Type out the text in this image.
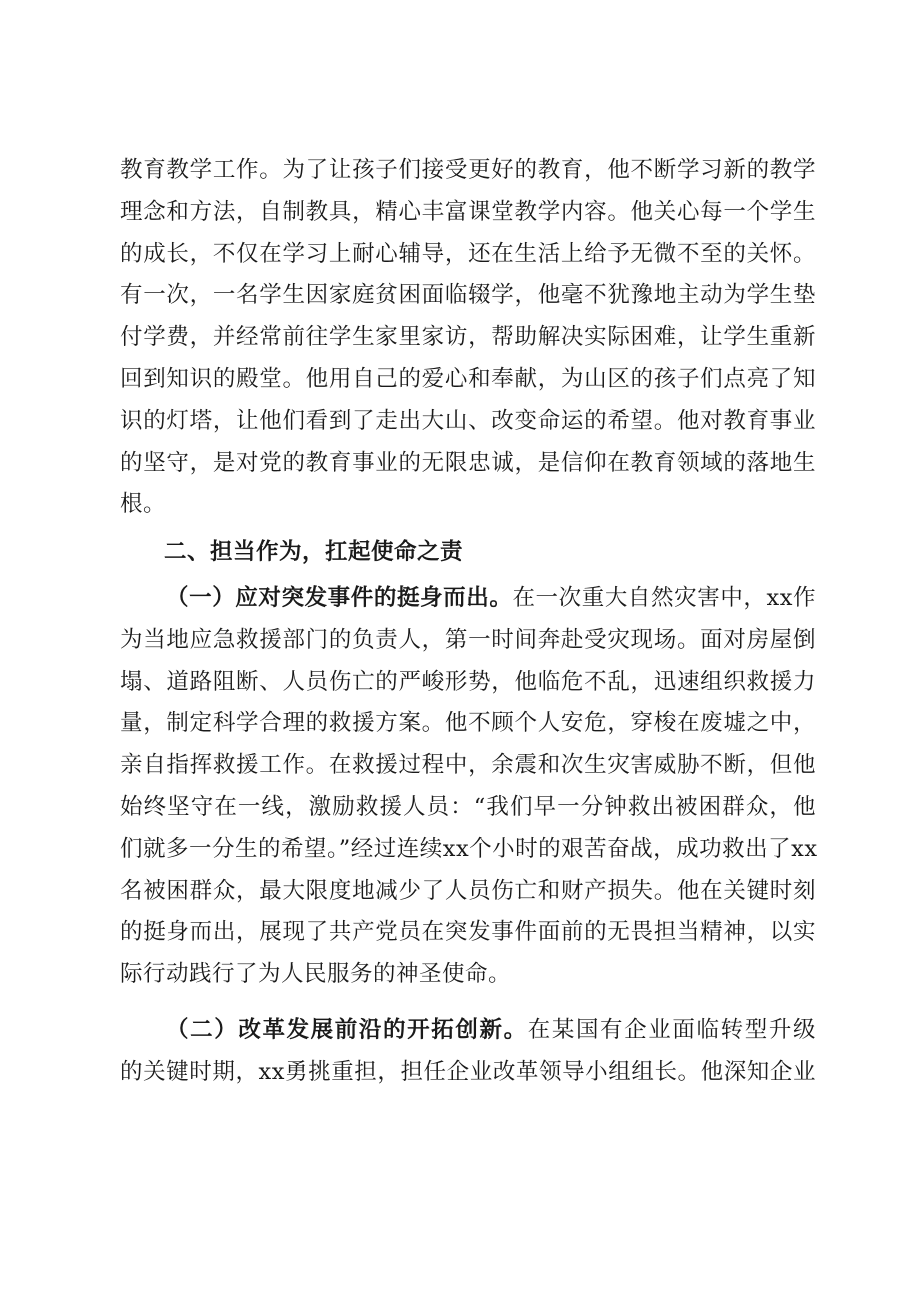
教育教学工作。为了让孩子们接受更好的教育，他不断学习新的教学
理念和方法，自制教具，精心丰富课堂教学内容。他关心每一个学生
的成长，不仅在学习上耐心辅导，还在生活上给予无微不至的关怀。
有一次，一名学生因家庭贫困面临辍学，他毫不犹豫地主动为学生垫
付学费，并经常前往学生家里家访，帮助解决实际困难，让学生重新
回到知识的殿堂。他用自己的爱心和奉献，为山区的孩子们点亮了知
识的灯塔，让他们看到了走出大山、改变命运的希望。他对教育事业
的坚守，是对党的教育事业的无限忠诚，是信仰在教育领域的落地生
根。
二、担当作为，扛起使命之责
（一）应对突发事件的挺身而出。在一次重大自然灾害中，xx作
为当地应急救援部门的负责人，第一时间奔赴受灾现场。面对房屋倒
塌、道路阻断、人员伤亡的严峻形势，他临危不乱，迅速组织救援力
量，制定科学合理的救援方案。他不顾个人安危，穿梭在废墟之中，
亲自指挥救援工作。在救援过程中，余震和次生灾害威胁不断，但他
始终坚守在一线，激励救援人员：“我们早一分钟救出被困群众，他
们就多一分生的希望。”经过连续xx个小时的艰苦奋战，成功救出了xx
名被困群众，最大限度地减少了人员伤亡和财产损失。他在关键时刻
的挺身而出，展现了共产党员在突发事件面前的无畏担当精神，以实
际行动践行了为人民服务的神圣使命。
（二）改革发展前沿的开拓创新。在某国有企业面临转型升级
的关键时期，xx勇挑重担，担任企业改革领导小组组长。他深知企业
